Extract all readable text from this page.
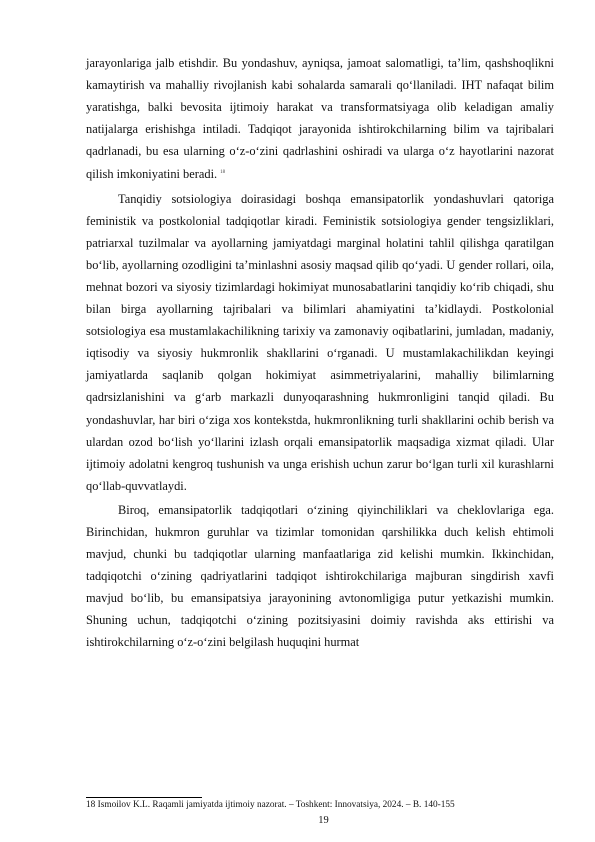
jarayonlariga jalb etishdir. Bu yondashuv, ayniqsa, jamoat salomatligi, ta’lim, qashshoqlikni kamaytirish va mahalliy rivojlanish kabi sohalarda samarali qo‘llaniladi. IHT nafaqat bilim yaratishga, balki bevosita ijtimoiy harakat va transformatsiyaga olib keladigan amaliy natijalarga erishishga intiladi. Tadqiqot jarayonida ishtirokchilarning bilim va tajribalari qadrlanadi, bu esa ularning o‘z-o‘zini qadrlashini oshiradi va ularga o‘z hayotlarini nazorat qilish imkoniyatini beradi. $^{18}$

Tanqidiy sotsiologiya doirasidagi boshqa emansipatorlik yondashuvlari qatoriga feministik va postkolonial tadqiqotlar kiradi. Feministik sotsiologiya gender tengsizliklari, patriarxal tuzilmalar va ayollarning jamiyatdagi marginal holatini tahlil qilishga qaratilgan bo‘lib, ayollarning ozodligini ta’minlashni asosiy maqsad qilib qo‘yadi. U gender rollari, oila, mehnat bozori va siyosiy tizimlardagi hokimiyat munosabatlarini tanqidiy ko‘rib chiqadi, shu bilan birga ayollarning tajribalari va bilimlari ahamiyatini ta’kidlaydi. Postkolonial sotsiologiya esa mustamlakachilikning tarixiy va zamonaviy oqibatlarini, jumladan, madaniy, iqtisodiy va siyosiy hukmronlik shakllarini o‘rganadi. U mustamlakachilikdan keyingi jamiyatlarda saqlanib qolgan hokimiyat asimmetriyalarini, mahalliy bilimlarning qadrsizlanishini va g‘arb markazli dunyoqarashning hukmronligini tanqid qiladi. Bu yondashuvlar, har biri o‘ziga xos kontekstda, hukmronlikning turli shakllarini ochib berish va ulardan ozod bo‘lish yo‘llarini izlash orqali emansipatorlik maqsadiga xizmat qiladi. Ular ijtimoiy adolatni kengroq tushunish va unga erishish uchun zarur bo‘lgan turli xil kurashlarni qo‘llab-quvvatlaydi.

Biroq, emansipatorlik tadqiqotlari o‘zining qiyinchiliklari va cheklovlariga ega. Birinchidan, hukmron guruhlar va tizimlar tomonidan qarshilikka duch kelish ehtimoli mavjud, chunki bu tadqiqotlar ularning manfaatlariga zid kelishi mumkin. Ikkinchidan, tadqiqotchi o‘zining qadriyatlarini tadqiqot ishtirokchilariga majburan singdirish xavfi mavjud bo‘lib, bu emansipatsiya jarayonining avtonomligiga putur yetkazishi mumkin. Shuning uchun, tadqiqotchi o‘zining pozitsiyasini doimiy ravishda aks ettirishi va ishtirokchilarning o‘z-o‘zini belgilash huquqini hurmat

18 Ismoilov K.L. Raqamli jamiyatda ijtimoiy nazorat. – Toshkent: Innovatsiya, 2024. – B. 140-155
19
